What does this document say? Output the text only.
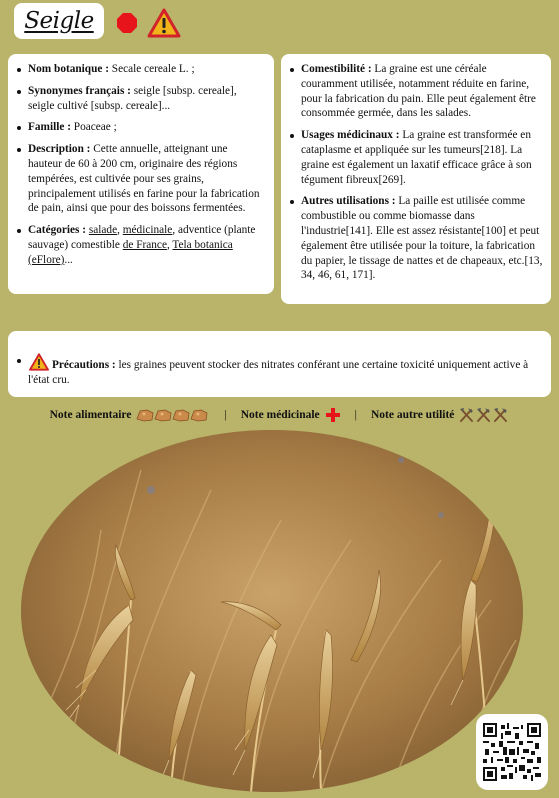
Seigle
Nom botanique : Secale cereale L. ;
Synonymes français : seigle [subsp. cereale], seigle cultivé [subsp. cereale]...
Famille : Poaceae ;
Description : Cette annuelle, atteignant une hauteur de 60 à 200 cm, originaire des régions tempérées, est cultivée pour ses grains, principalement utilisés en farine pour la fabrication de pain, ainsi que pour des boissons fermentées.
Catégories : salade, médicinale, adventice (plante sauvage) comestible de France, Tela botanica (eFlore)...
Comestibilité : La graine est une céréale couramment utilisée, notamment réduite en farine, pour la fabrication du pain. Elle peut également être consommée germée, dans les salades.
Usages médicinaux : La graine est transformée en cataplasme et appliquée sur les tumeurs[218]. La graine est également un laxatif efficace grâce à son tégument fibreux[269].
Autres utilisations : La paille est utilisée comme combustible ou comme biomasse dans l'industrie[141]. Elle est assez résistante[100] et peut également être utilisée pour la toiture, la fabrication du papier, le tissage de nattes et de chapeaux, etc.[13, 34, 46, 61, 171].
Précautions : les graines peuvent stocker des nitrates conférant une certaine toxicité uniquement active à l'état cru.
Note alimentaire	| Note médicinale	| Note autre utilité
